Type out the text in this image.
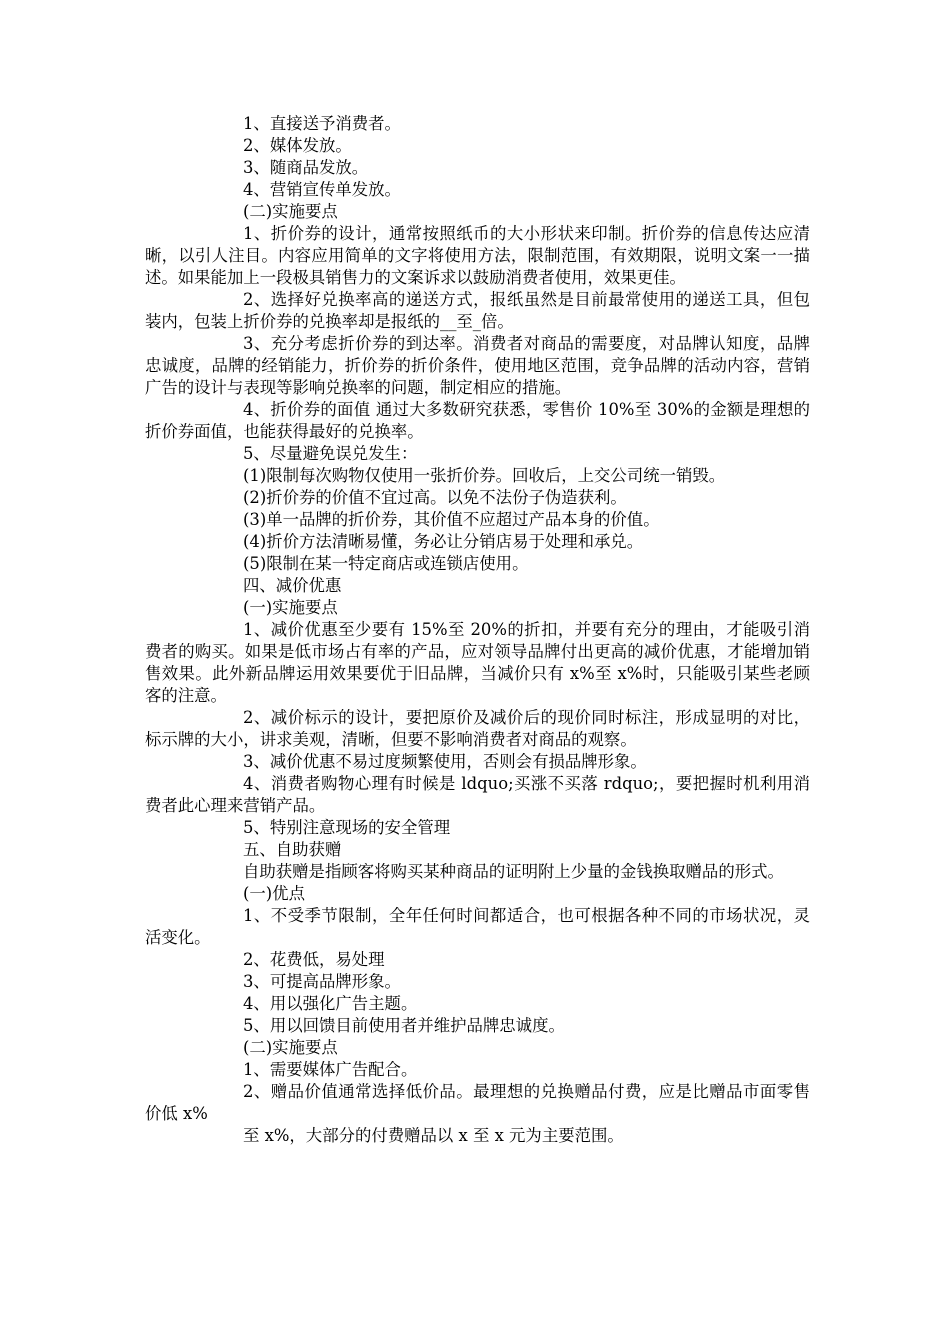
1、直接送予消费者。

2、媒体发放。

3、随商品发放。

4、营销宣传单发放。

(二)实施要点

1、折价券的设计，通常按照纸币的大小形状来印制。折价券的信息传达应清晰，以引人注目。内容应用简单的文字将使用方法，限制范围，有效期限，说明文案一一描述。如果能加上一段极具销售力的文案诉求以鼓励消费者使用，效果更佳。

2、选择好兑换率高的递送方式，报纸虽然是目前最常使用的递送工具，但包装内，包装上折价券的兑换率却是报纸的__至_倍。

3、充分考虑折价券的到达率。消费者对商品的需要度，对品牌认知度，品牌忠诚度，品牌的经销能力，折价券的折价条件，使用地区范围，竞争品牌的活动内容，营销广告的设计与表现等影响兑换率的问题，制定相应的措施。

4、折价券的面值 通过大多数研究获悉，零售价 10%至 30%的金额是理想的折价券面值，也能获得最好的兑换率。

5、尽量避免误兑发生：

(1)限制每次购物仅使用一张折价券。回收后，上交公司统一销毁。

(2)折价券的价值不宜过高。以免不法份子伪造获利。

(3)单一品牌的折价券，其价值不应超过产品本身的价值。

(4)折价方法清晰易懂，务必让分销店易于处理和承兑。

(5)限制在某一特定商店或连锁店使用。

四、减价优惠

(一)实施要点

1、减价优惠至少要有 15%至 20%的折扣，并要有充分的理由，才能吸引消费者的购买。如果是低市场占有率的产品，应对领导品牌付出更高的减价优惠，才能增加销售效果。此外新品牌运用效果要优于旧品牌，当减价只有 x%至 x%时，只能吸引某些老顾客的注意。

2、减价标示的设计，要把原价及减价后的现价同时标注，形成显明的对比，标示牌的大小，讲求美观，清晰，但要不影响消费者对商品的观察。

3、减价优惠不易过度频繁使用，否则会有损品牌形象。

4、消费者购物心理有时候是 ldquo;买涨不买落 rdquo;，要把握时机利用消费者此心理来营销产品。

5、特别注意现场的安全管理

五、自助获赠

自助获赠是指顾客将购买某种商品的证明附上少量的金钱换取赠品的形式。

(一)优点

1、不受季节限制，全年任何时间都适合，也可根据各种不同的市场状况，灵活变化。

2、花费低，易处理

3、可提高品牌形象。

4、用以强化广告主题。

5、用以回馈目前使用者并维护品牌忠诚度。

(二)实施要点

1、需要媒体广告配合。

2、赠品价值通常选择低价品。最理想的兑换赠品付费，应是比赠品市面零售价低 x%

至 x%，大部分的付费赠品以 x 至 x 元为主要范围。
